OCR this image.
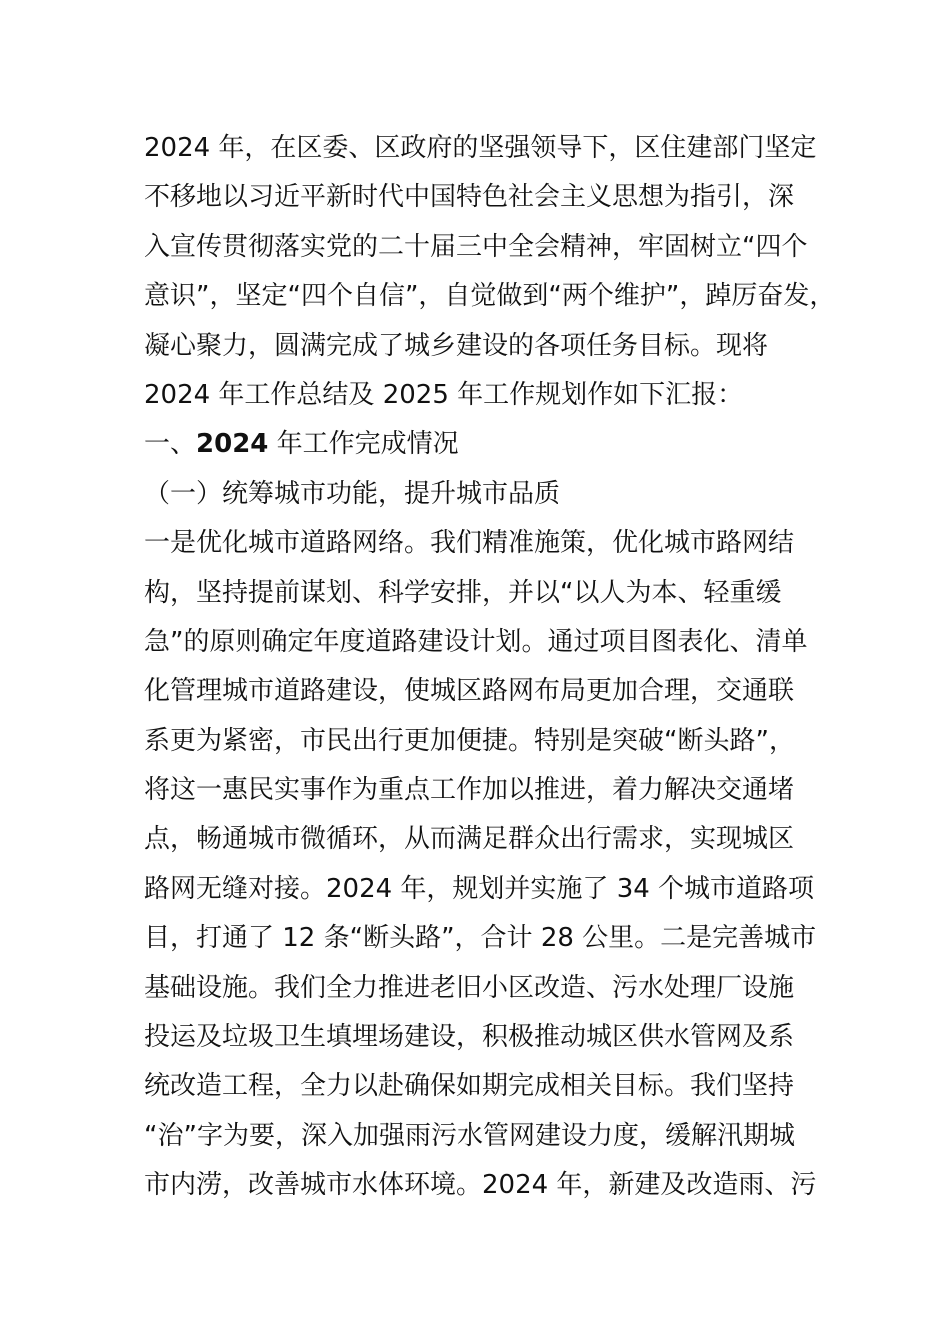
2024 年，在区委、区政府的坚强领导下，区住建部门坚定
不移地以习近平新时代中国特色社会主义思想为指引，深
入宣传贯彻落实党的二十届三中全会精神，牢固树立“四个
意识”，坚定“四个自信”，自觉做到“两个维护”，踔厉奋发，
凝心聚力，圆满完成了城乡建设的各项任务目标。现将
2024 年工作总结及 2025 年工作规划作如下汇报：
一、2024 年工作完成情况
（一）统筹城市功能，提升城市品质
一是优化城市道路网络。我们精准施策，优化城市路网结
构，坚持提前谋划、科学安排，并以“以人为本、轻重缓
急”的原则确定年度道路建设计划。通过项目图表化、清单
化管理城市道路建设，使城区路网布局更加合理，交通联
系更为紧密，市民出行更加便捷。特别是突破“断头路”，
将这一惠民实事作为重点工作加以推进，着力解决交通堵
点，畅通城市微循环，从而满足群众出行需求，实现城区
路网无缝对接。2024 年，规划并实施了 34 个城市道路项
目，打通了 12 条“断头路”，合计 28 公里。二是完善城市
基础设施。我们全力推进老旧小区改造、污水处理厂设施
投运及垃圾卫生填埋场建设，积极推动城区供水管网及系
统改造工程，全力以赴确保如期完成相关目标。我们坚持
“治”字为要，深入加强雨污水管网建设力度，缓解汛期城
市内涝，改善城市水体环境。2024 年，新建及改造雨、污
